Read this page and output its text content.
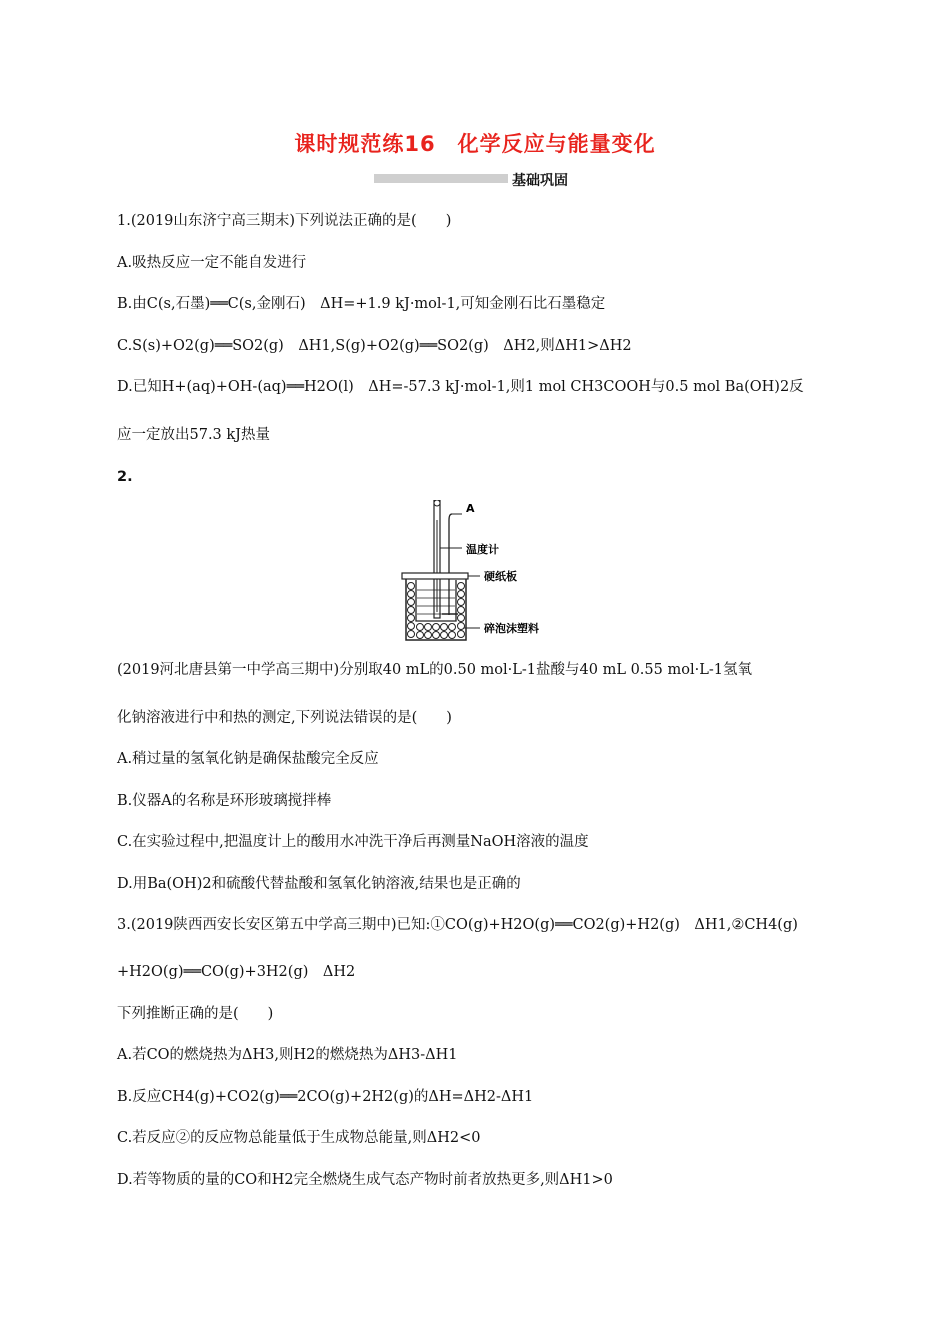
课时规范练16　化学反应与能量变化
基础巩固
1.(2019山东济宁高三期末)下列说法正确的是(　　)
A.吸热反应一定不能自发进行
B.由C(s,石墨)══C(s,金刚石)　ΔH=+1.9 kJ·mol-1,可知金刚石比石墨稳定
C.S(s)+O2(g)══SO2(g)　ΔH1,S(g)+O2(g)══SO2(g)　ΔH2,则ΔH1>ΔH2
D.已知H+(aq)+OH-(aq)══H2O(l)　ΔH=-57.3 kJ·mol-1,则1 mol CH3COOH与0.5 mol Ba(OH)2反
应一定放出57.3 kJ热量
2.
A
温度计
硬纸板
碎泡沫塑料
(2019河北唐县第一中学高三期中)分别取40 mL的0.50 mol·L-1盐酸与40 mL 0.55 mol·L-1氢氧
化钠溶液进行中和热的测定,下列说法错误的是(　　)
A.稍过量的氢氧化钠是确保盐酸完全反应
B.仪器A的名称是环形玻璃搅拌棒
C.在实验过程中,把温度计上的酸用水冲洗干净后再测量NaOH溶液的温度
D.用Ba(OH)2和硫酸代替盐酸和氢氧化钠溶液,结果也是正确的
3.(2019陕西西安长安区第五中学高三期中)已知:①CO(g)+H2O(g)══CO2(g)+H2(g)　ΔH1,②CH4(g)
+H2O(g)══CO(g)+3H2(g)　ΔH2
下列推断正确的是(　　)
A.若CO的燃烧热为ΔH3,则H2的燃烧热为ΔH3-ΔH1
B.反应CH4(g)+CO2(g)══2CO(g)+2H2(g)的ΔH=ΔH2-ΔH1
C.若反应②的反应物总能量低于生成物总能量,则ΔH2<0
D.若等物质的量的CO和H2完全燃烧生成气态产物时前者放热更多,则ΔH1>0
